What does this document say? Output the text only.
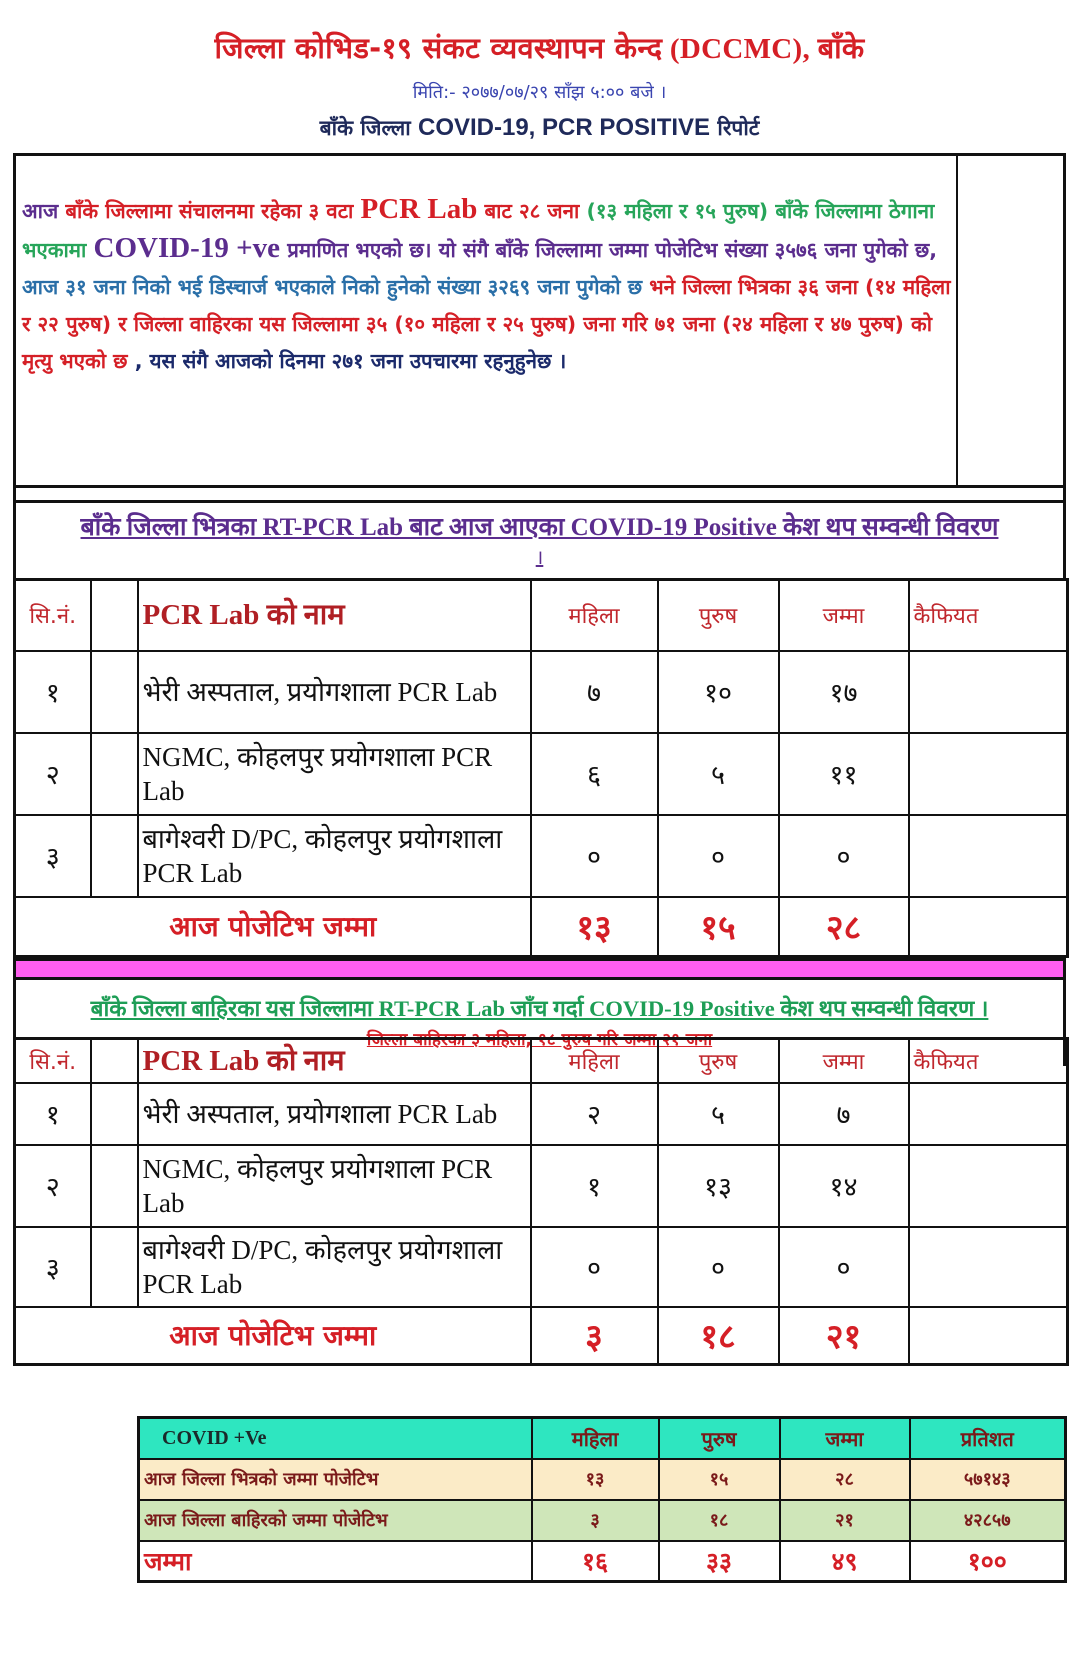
जिल्ला कोभिड-१९ संकट व्यवस्थापन केन्द (DCCMC), बाँके
मिति:- २०७७/०७/२९ साँझ ५:०० बजे ।
बाँके जिल्ला COVID-19, PCR POSITIVE रिपोर्ट
आज बाँके जिल्लामा संचालनमा रहेका ३ वटा PCR Lab बाट २८ जना (१३ महिला र १५ पुरुष) बाँके जिल्लामा ठेगाना भएकामा COVID-19 +ve प्रमाणित भएको छ। यो संगै बाँके जिल्लामा जम्मा पोजेटिभ संख्या ३५७६ जना पुगेको छ, आज ३१ जना निको भई डिस्चार्ज भएकाले निको हुनेको संख्या ३२६९ जना पुगेको छ भने जिल्ला भित्रका ३६ जना (१४ महिला र २२ पुरुष) र जिल्ला वाहिरका यस जिल्लामा ३५ (१० महिला र २५ पुरुष) जना गरि ७१ जना (२४ महिला र ४७ पुरुष) को मृत्यु भएको छ , यस संगै आजको दिनमा २७१ जना उपचारमा रहनुहुनेछ ।
बाँके जिल्ला भित्रका RT-PCR Lab बाट आज आएका COVID-19 Positive केश थप सम्वन्धी विवरण
।
सि.नं.		PCR Lab को नाम	महिला	पुरुष	जम्मा	कैफियत
१		भेरी अस्पताल, प्रयोगशाला PCR Lab	७	१०	१७	
२		NGMC, कोहलपुर प्रयोगशाला PCR Lab	६	५	११	
३		बागेश्वरी D/PC, कोहलपुर प्रयोगशाला PCR Lab	०	०	०	
आज पोजेटिभ जम्मा			१३	१५	२८	
बाँके जिल्ला बाहिरका यस जिल्लामा RT-PCR Lab जाँच गर्दा COVID-19 Positive केश थप सम्वन्धी विवरण ।
जिल्ला बाहिरका ३ महिला, १८ पुरुष गरि जम्मा २१ जना
सि.नं.		PCR Lab को नाम	महिला	पुरुष	जम्मा	कैफियत
१		भेरी अस्पताल, प्रयोगशाला PCR Lab	२	५	७	
२		NGMC, कोहलपुर प्रयोगशाला PCR Lab	१	१३	१४	
३		बागेश्वरी D/PC, कोहलपुर प्रयोगशाला PCR Lab	०	०	०	
आज पोजेटिभ जम्मा			३	१८	२१	
COVID +Ve	महिला	पुरुष	जम्मा	प्रतिशत
आज जिल्ला भित्रको जम्मा पोजेटिभ	१३	१५	२८	५७१४३
आज जिल्ला बाहिरको जम्मा पोजेटिभ	३	१८	२१	४२८५७
जम्मा	१६	३३	४९	१००
